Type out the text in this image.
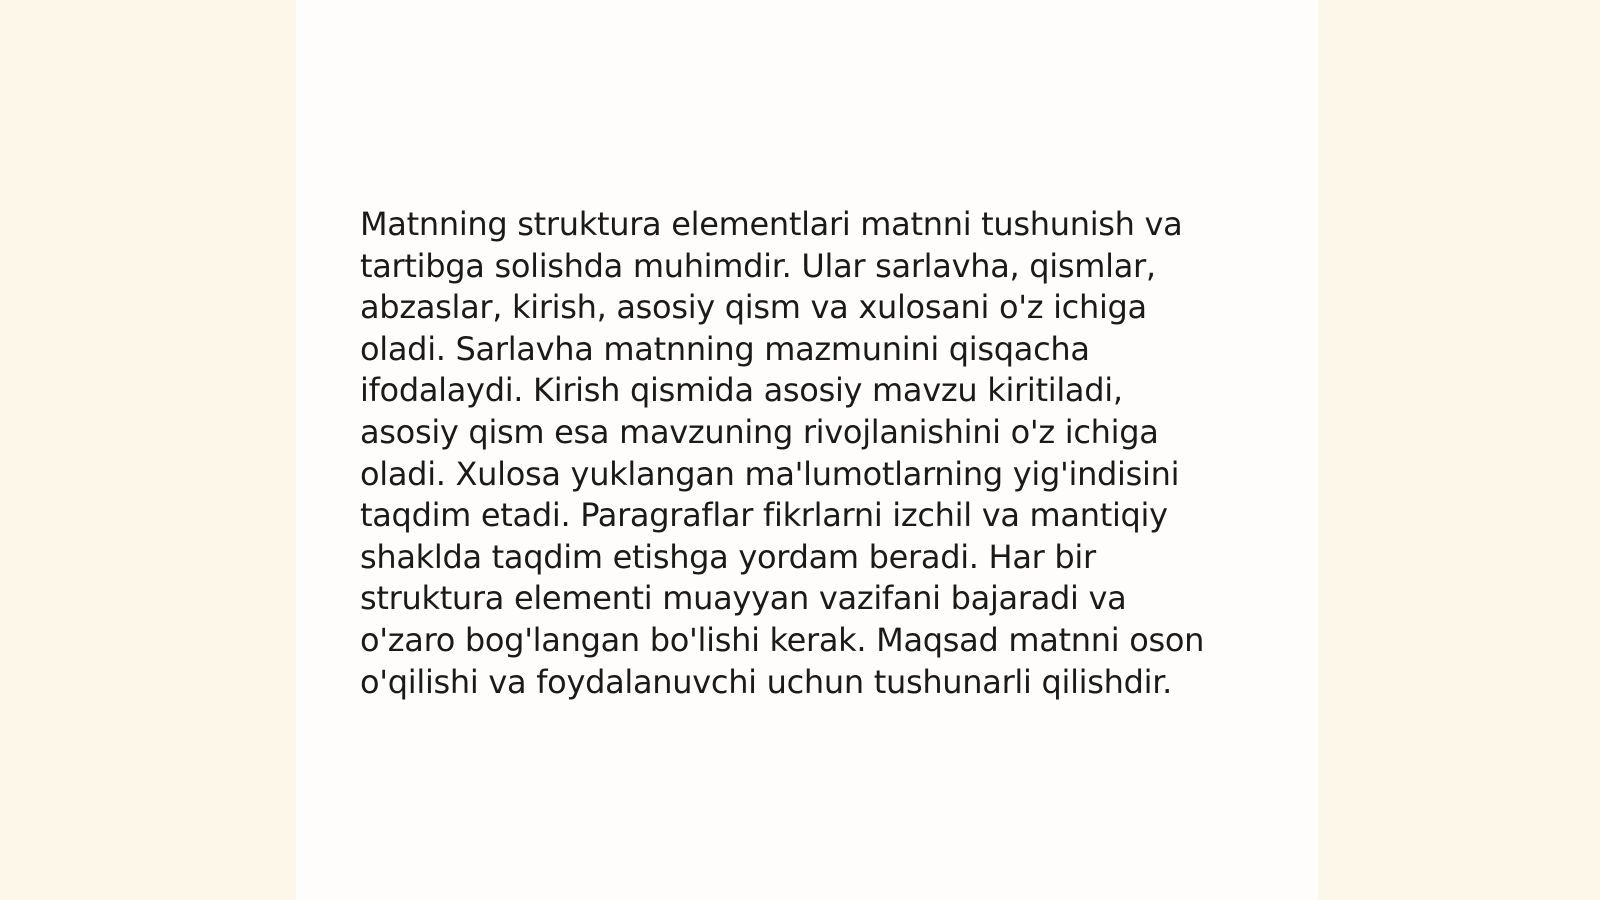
Matnning struktura elementlari matnni tushunish va
tartibga solishda muhimdir. Ular sarlavha, qismlar,
abzaslar, kirish, asosiy qism va xulosani o'z ichiga
oladi. Sarlavha matnning mazmunini qisqacha
ifodalaydi. Kirish qismida asosiy mavzu kiritiladi,
asosiy qism esa mavzuning rivojlanishini o'z ichiga
oladi. Xulosa yuklangan ma'lumotlarning yig'indisini
taqdim etadi. Paragraflar fikrlarni izchil va mantiqiy
shaklda taqdim etishga yordam beradi. Har bir
struktura elementi muayyan vazifani bajaradi va
o'zaro bog'langan bo'lishi kerak. Maqsad matnni oson
o'qilishi va foydalanuvchi uchun tushunarli qilishdir.
